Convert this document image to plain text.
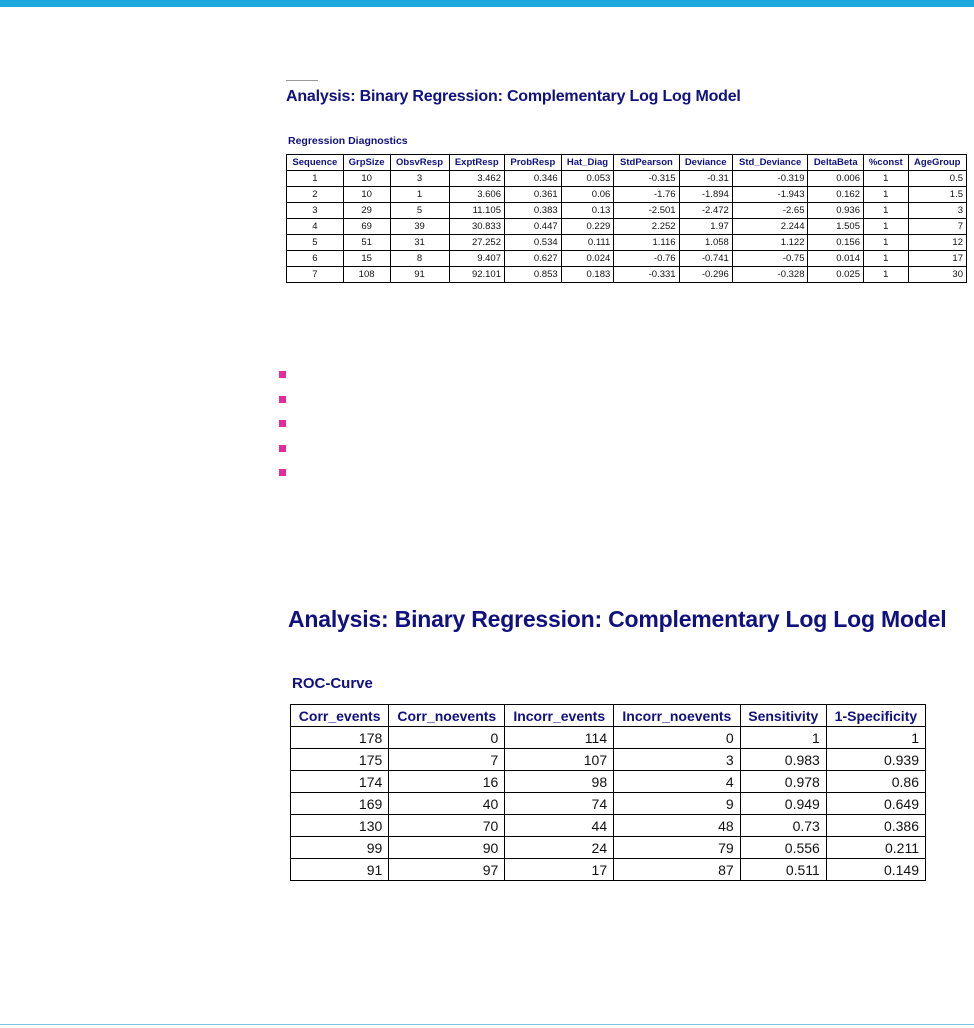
Analysis: Binary Regression: Complementary Log Log Model
Regression Diagnostics
Sequence	GrpSize	ObsvResp	ExptResp	ProbResp	Hat_Diag	StdPearson	Deviance	Std_Deviance	DeltaBeta	%const	AgeGroup
1	10	3	3.462	0.346	0.053	-0.315	-0.31	-0.319	0.006	1	0.5
2	10	1	3.606	0.361	0.06	-1.76	-1.894	-1.943	0.162	1	1.5
3	29	5	11.105	0.383	0.13	-2.501	-2.472	-2.65	0.936	1	3
4	69	39	30.833	0.447	0.229	2.252	1.97	2.244	1.505	1	7
5	51	31	27.252	0.534	0.111	1.116	1.058	1.122	0.156	1	12
6	15	8	9.407	0.627	0.024	-0.76	-0.741	-0.75	0.014	1	17
7	108	91	92.101	0.853	0.183	-0.331	-0.296	-0.328	0.025	1	30
Analysis: Binary Regression: Complementary Log Log Model
ROC-Curve
Corr_events	Corr_noevents	Incorr_events	Incorr_noevents	Sensitivity	1-Specificity
178	0	114	0	1	1
175	7	107	3	0.983	0.939
174	16	98	4	0.978	0.86
169	40	74	9	0.949	0.649
130	70	44	48	0.73	0.386
99	90	24	79	0.556	0.211
91	97	17	87	0.511	0.149
